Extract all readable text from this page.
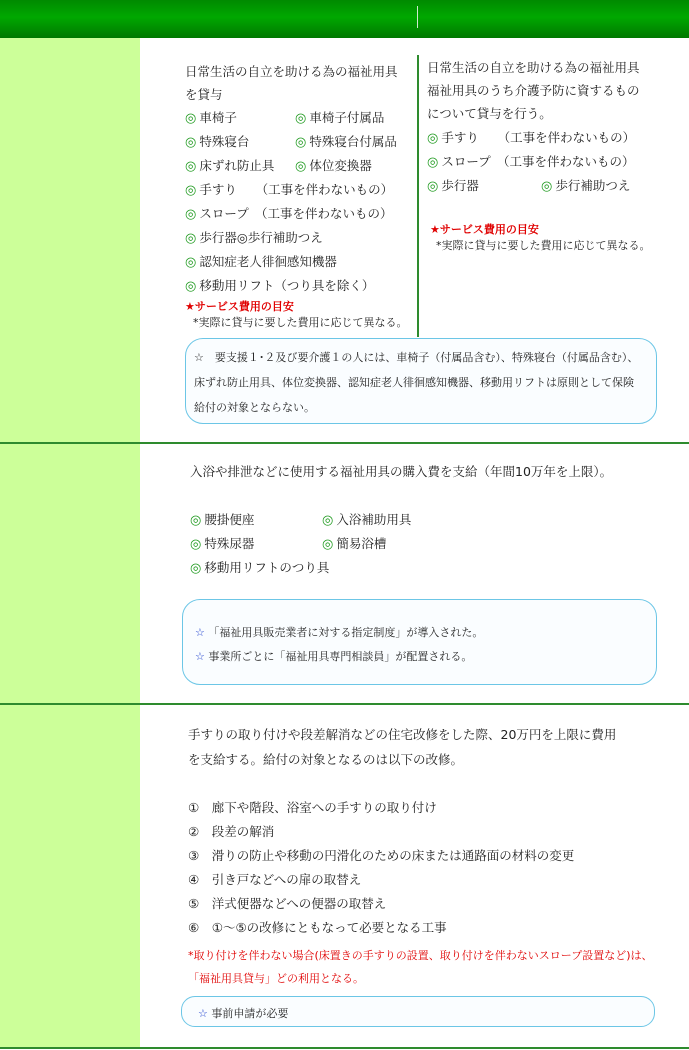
日常生活の自立を助ける為の福祉用具
を貸与
◎ 車椅子	◎ 車椅子付属品
◎ 特殊寝台	◎ 特殊寝台付属品
◎ 床ずれ防止具 ◎ 体位変換器
◎ 手すり　　（工事を伴わないもの）
◎ スロープ　（工事を伴わないもの）
◎ 歩行器◎歩行補助つえ
◎ 認知症老人徘徊感知機器
◎ 移動用リフト（つり具を除く）
★サービス費用の目安
*実際に貸与に要した費用に応じて異なる。
日常生活の自立を助ける為の福祉用具
福祉用具のうち介護予防に資するもの
について貸与を行う。
◎ 手すり　　（工事を伴わないもの）
◎ スロープ　（工事を伴わないもの）
◎ 歩行器	◎ 歩行補助つえ
★サービス費用の目安
*実際に貸与に要した費用に応じて異なる。
☆　要支援１･２及び要介護１の人には、車椅子（付属品含む）、特殊寝台（付属品含む）、
床ずれ防止用具、体位変換器、認知症老人徘徊感知機器、移動用リフトは原則として保険
給付の対象とならない。
入浴や排泄などに使用する福祉用具の購入費を支給（年間10万年を上限）。
◎ 腰掛便座	◎ 入浴補助用具
◎ 特殊尿器	◎ 簡易浴槽
◎ 移動用リフトのつり具
☆ 「福祉用具販売業者に対する指定制度」が導入された。
☆ 事業所ごとに「福祉用具専門相談員」が配置される。
手すりの取り付けや段差解消などの住宅改修をした際、20万円を上限に費用
を支給する。給付の対象となるのは以下の改修。
①　 廊下や階段、浴室への手すりの取り付け
②　 段差の解消
③　 滑りの防止や移動の円滑化のための床または通路面の材料の変更
④　 引き戸などへの扉の取替え
⑤　 洋式便器などへの便器の取替え
⑥　 ①〜⑤の改修にともなって必要となる工事
*取り付けを伴わない場合(床置きの手すりの設置、取り付けを伴わないスロープ設置など)は、
「福祉用具貸与」どの利用となる。
☆ 事前申請が必要
